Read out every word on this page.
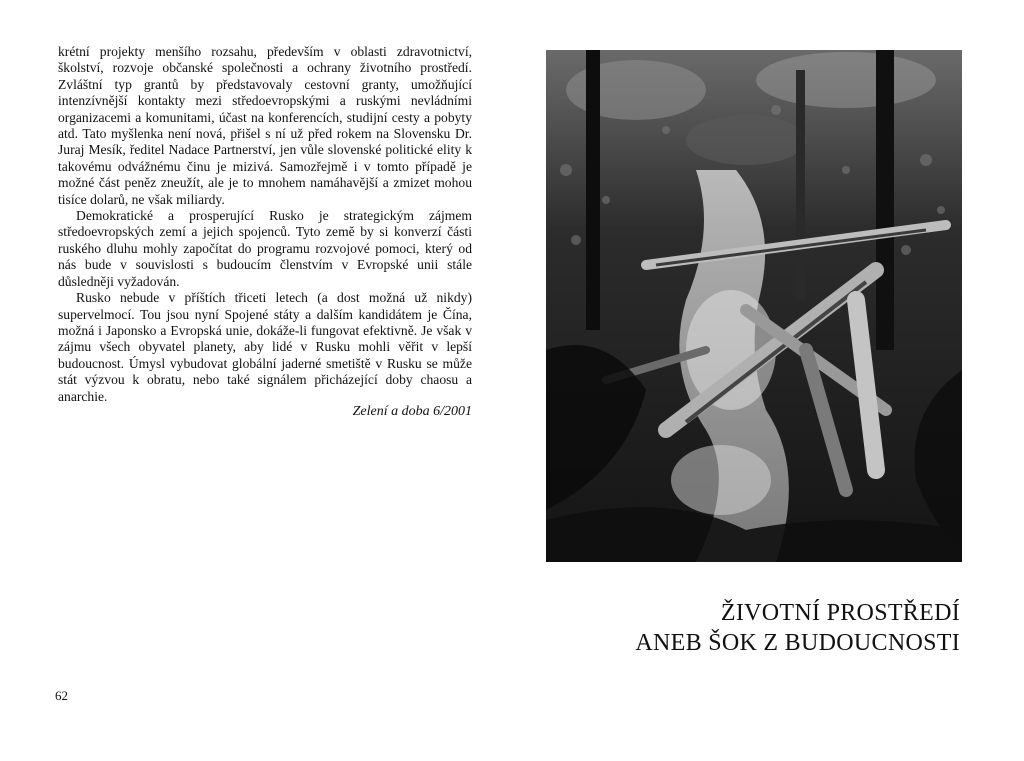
krétní projekty menšího rozsahu, především v oblasti zdravotnictví, školství, rozvoje občanské společnosti a ochrany životního prostředí. Zvláštní typ grantů by představovaly cestovní granty, umožňující intenzívnější kontakty mezi středoevropskými a ruskými nevládními organizacemi a komunitami, účast na konferencích, studijní cesty a pobyty atd. Tato myšlenka není nová, přišel s ní už před rokem na Slovensku Dr. Juraj Mesík, ředitel Nadace Partnerství, jen vůle slovenské politické elity k takovému odvážnému činu je mizivá. Samozřejmě i v tomto případě je možné část peněz zneužít, ale je to mnohem namáhavější a zmizet mohou tisíce dolarů, ne však miliardy.

Demokratické a prosperující Rusko je strategickým zájmem středoevropských zemí a jejich spojenců. Tyto země by si konverzí části ruského dluhu mohly započítat do programu rozvojové pomoci, který od nás bude v souvislosti s budoucím členstvím v Evropské unii stále důsledněji vyžadován.

Rusko nebude v příštích třiceti letech (a dost možná už nikdy) supervelmocí. Tou jsou nyní Spojené státy a dalším kandidátem je Čína, možná i Japonsko a Evropská unie, dokáže-li fungovat efektivně. Je však v zájmu všech obyvatel planety, aby lidé v Rusku mohli věřit v lepší budoucnost. Úmysl vybudovat globální jaderné smetiště v Rusku se může stát výzvou k obratu, nebo také signálem přicházející doby chaosu a anarchie.

Zelení a doba 6/2001
62
ŽIVOTNÍ PROSTŘEDÍ
ANEB ŠOK Z BUDOUCNOSTI
